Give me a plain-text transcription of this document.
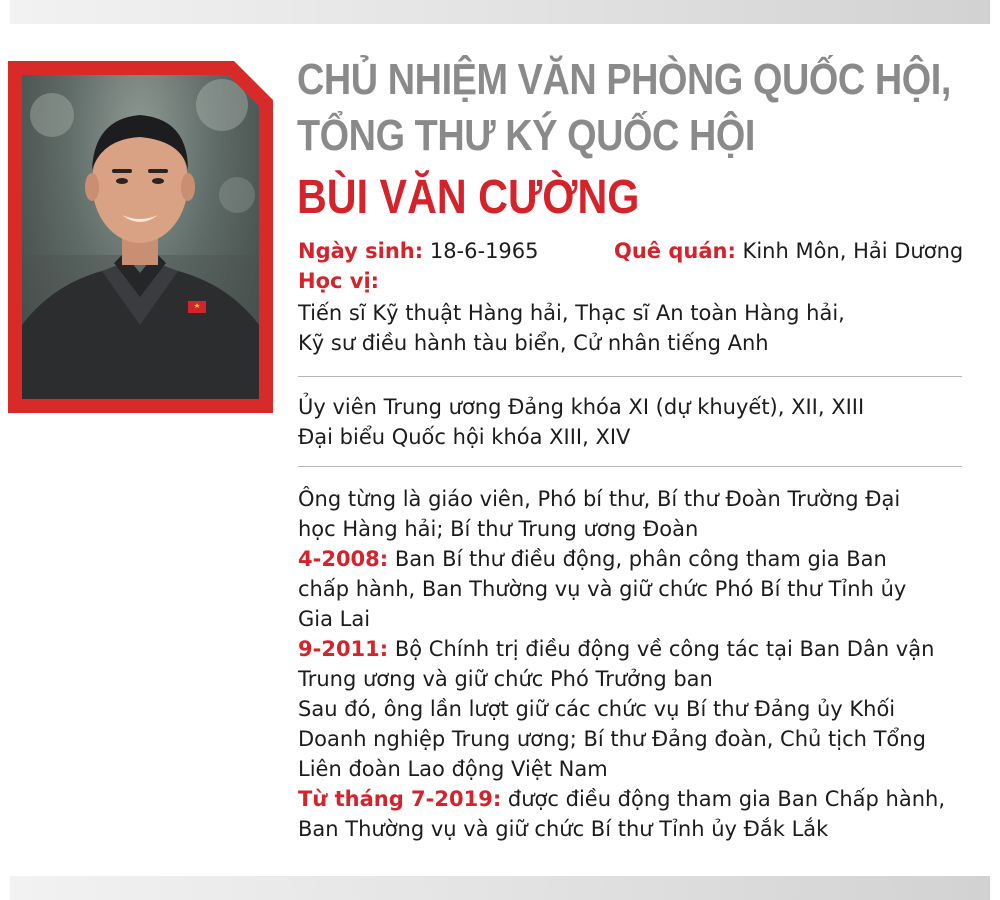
CHỦ NHIỆM VĂN PHÒNG QUỐC HỘI,
TỔNG THƯ KÝ QUỐC HỘI
BÙI VĂN CƯỜNG
Ngày sinh: 18-6-1965	Quê quán: Kinh Môn, Hải Dương
Học vị:
Tiến sĩ Kỹ thuật Hàng hải, Thạc sĩ An toàn Hàng hải,
Kỹ sư điều hành tàu biển, Cử nhân tiếng Anh
Ủy viên Trung ương Đảng khóa XI (dự khuyết), XII, XIII
Đại biểu Quốc hội khóa XIII, XIV
Ông từng là giáo viên, Phó bí thư, Bí thư Đoàn Trường Đại
học Hàng hải; Bí thư Trung ương Đoàn
4-2008: Ban Bí thư điều động, phân công tham gia Ban
chấp hành, Ban Thường vụ và giữ chức Phó Bí thư Tỉnh ủy
Gia Lai
9-2011: Bộ Chính trị điều động về công tác tại Ban Dân vận
Trung ương và giữ chức Phó Trưởng ban
Sau đó, ông lần lượt giữ các chức vụ Bí thư Đảng ủy Khối
Doanh nghiệp Trung ương; Bí thư Đảng đoàn, Chủ tịch Tổng
Liên đoàn Lao động Việt Nam
Từ tháng 7-2019: được điều động tham gia Ban Chấp hành,
Ban Thường vụ và giữ chức Bí thư Tỉnh ủy Đắk Lắk
